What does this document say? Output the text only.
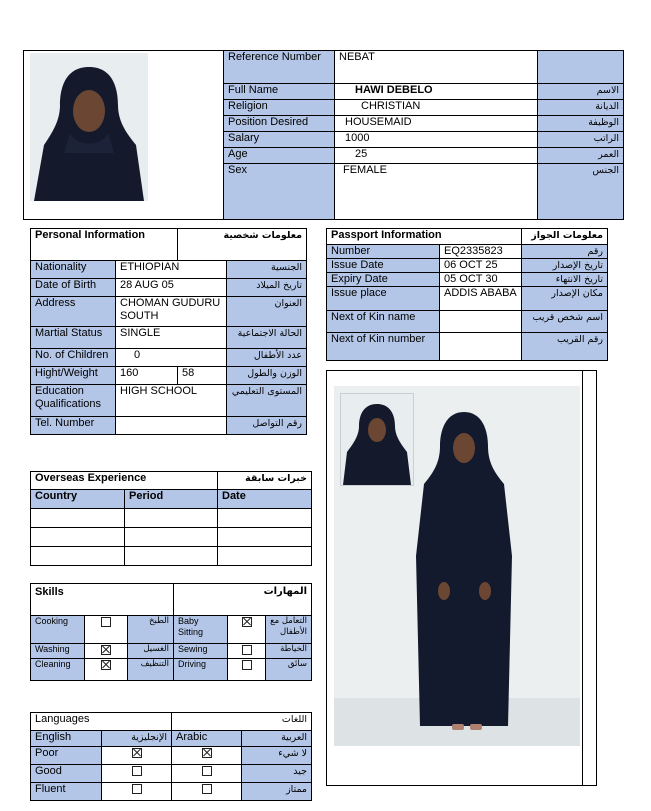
	Reference Number	NEBAT	
	Full Name	HAWI DEBELO	الاسم
	Religion	CHRISTIAN	الديانة
	Position Desired	HOUSEMAID	الوظيفة
	Salary	1000	الراتب
	Age	25	العمر
	Sex	FEMALE	الجنس
Personal Information		معلومات شخصية	
Nationality	ETHIOPIAN		الجنسية
Date of Birth	28 AUG 05		تاريخ الميلاد
Address	CHOMAN GUDURU SOUTH		العنوان
Martial Status	SINGLE		الحالة الاجتماعية
No. of Children	0		عدد الأطفال
Hight/Weight	160	58	الوزن والطول
Education Qualifications	HIGH SCHOOL		المستوى التعليمي
Tel. Number			رقم التواصل
Passport Information		معلومات الجواز
Number	EQ2335823	رقم
Issue Date	06 OCT 25	تاريخ الإصدار
Expiry Date	05 OCT 30	تاريخ الانتهاء
Issue place	ADDIS ABABA	مكان الإصدار
Next of Kin name		اسم شخص قريب
Next of Kin number		رقم القريب
Overseas Experience		خبرات سابقة
Country	Period	Date

Skills			المهارات		
Cooking		الطبخ	Baby Sitting		التعامل مع الأطفال
Washing		الغسيل	Sewing		الخياطة
Cleaning		التنظيف	Driving		سائق
Languages		اللغات	
English	الإنجليزية	Arabic	العربية
Poor			لا شيء
Good			جيد
Fluent			ممتاز
